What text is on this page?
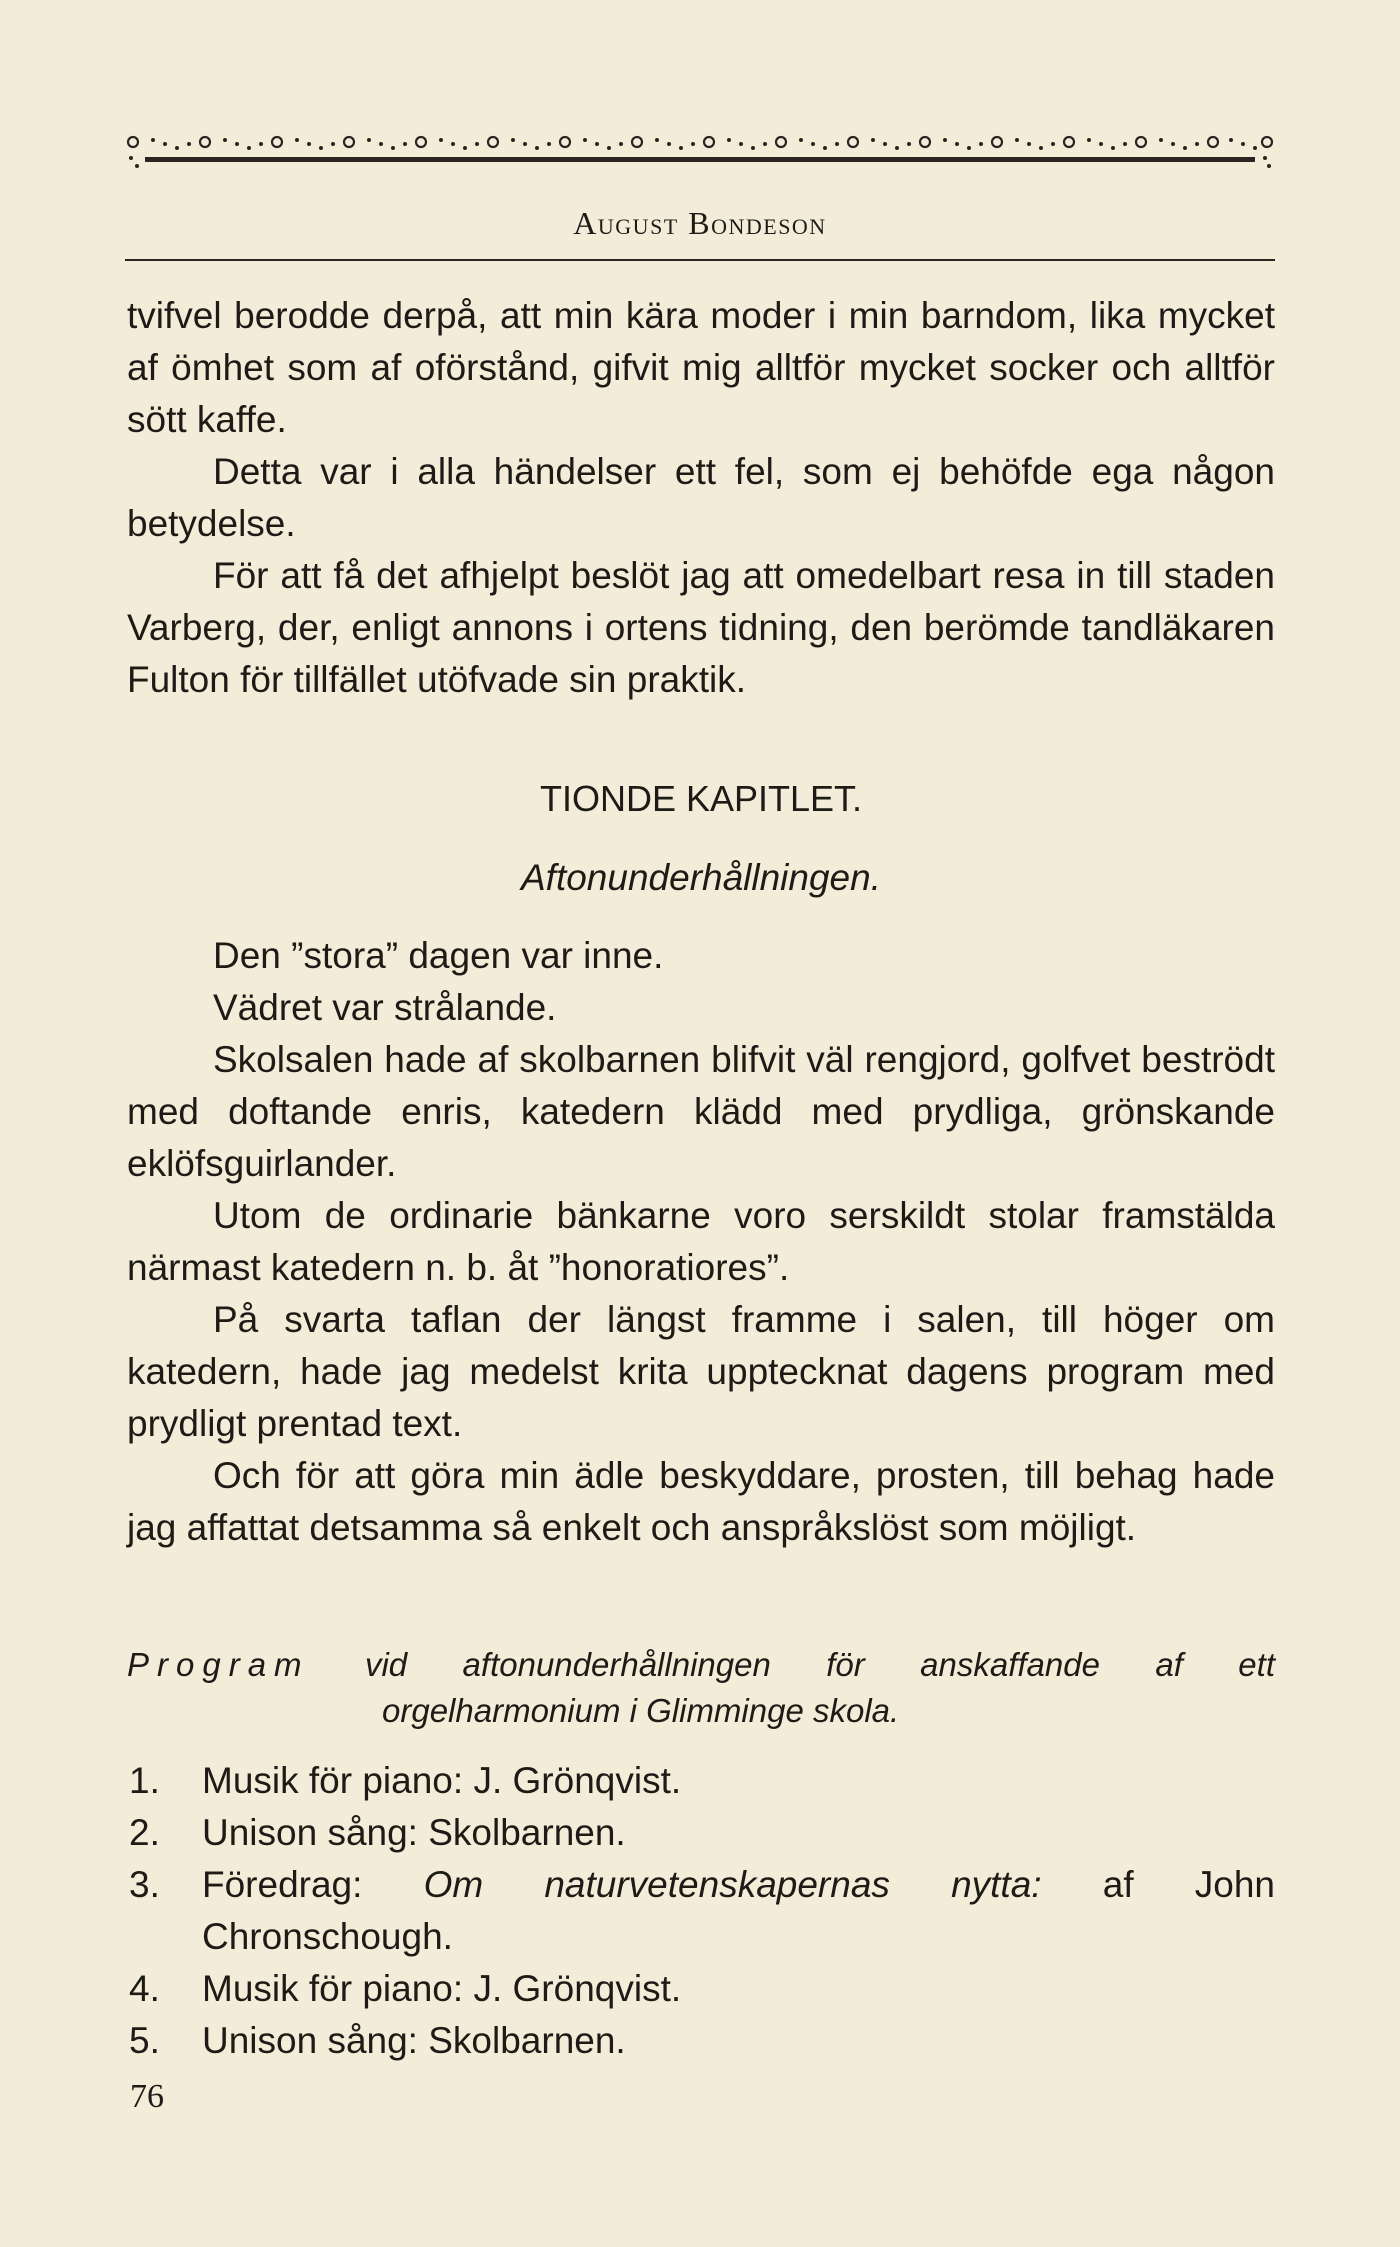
August Bondeson

tvifvel berodde derpå, att min kära moder i min barndom, lika mycket af ömhet som af oförstånd, gifvit mig alltför mycket socker och alltför sött kaffe.

Detta var i alla händelser ett fel, som ej behöfde ega någon betydelse.

För att få det afhjelpt beslöt jag att omedelbart resa in till staden Varberg, der, enligt annons i ortens tidning, den berömde tandläkaren Fulton för tillfället utöfvade sin praktik.

TIONDE KAPITLET.

Aftonunderhållningen.

Den ”stora” dagen var inne.

Vädret var strålande.

Skolsalen hade af skolbarnen blifvit väl rengjord, golfvet beströdt med doftande enris, katedern klädd med prydliga, grönskande eklöfsguirlander.

Utom de ordinarie bänkarne voro serskildt stolar framstälda närmast katedern n. b. åt ”honoratiores”.

På svarta taflan der längst framme i salen, till höger om katedern, hade jag medelst krita upptecknat dagens program med prydligt prentad text.

Och för att göra min ädle beskyddare, prosten, till behag hade jag affattat detsamma så enkelt och anspråkslöst som möjligt.

Program vid aftonunderhållningen för anskaffande af ett
orgelharmonium i Glimminge skola.
1. Musik för piano: J. Grönqvist.
2. Unison sång: Skolbarnen.
3. Föredrag: Om naturvetenskapernas nytta: af John Chronschough.
4. Musik för piano: J. Grönqvist.
5. Unison sång: Skolbarnen.
76
